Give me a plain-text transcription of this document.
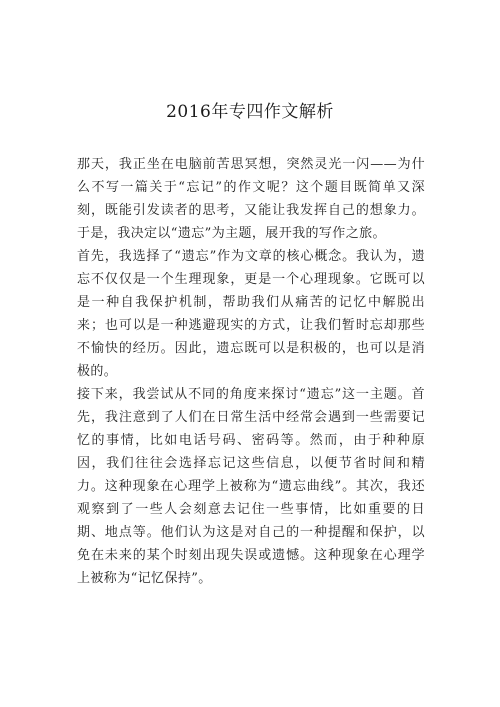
2016年专四作文解析

那天，我正坐在电脑前苦思冥想，突然灵光一闪——为什么不写一篇关于“忘记”的作文呢？这个题目既简单又深刻，既能引发读者的思考，又能让我发挥自己的想象力。于是，我决定以“遗忘”为主题，展开我的写作之旅。

首先，我选择了“遗忘”作为文章的核心概念。我认为，遗忘不仅仅是一个生理现象，更是一个心理现象。它既可以是一种自我保护机制，帮助我们从痛苦的记忆中解脱出来；也可以是一种逃避现实的方式，让我们暂时忘却那些不愉快的经历。因此，遗忘既可以是积极的，也可以是消极的。

接下来，我尝试从不同的角度来探讨“遗忘”这一主题。首先，我注意到了人们在日常生活中经常会遇到一些需要记忆的事情，比如电话号码、密码等。然而，由于种种原因，我们往往会选择忘记这些信息，以便节省时间和精力。这种现象在心理学上被称为“遗忘曲线”。其次，我还观察到了一些人会刻意去记住一些事情，比如重要的日期、地点等。他们认为这是对自己的一种提醒和保护，以免在未来的某个时刻出现失误或遗憾。这种现象在心理学上被称为“记忆保持”。
